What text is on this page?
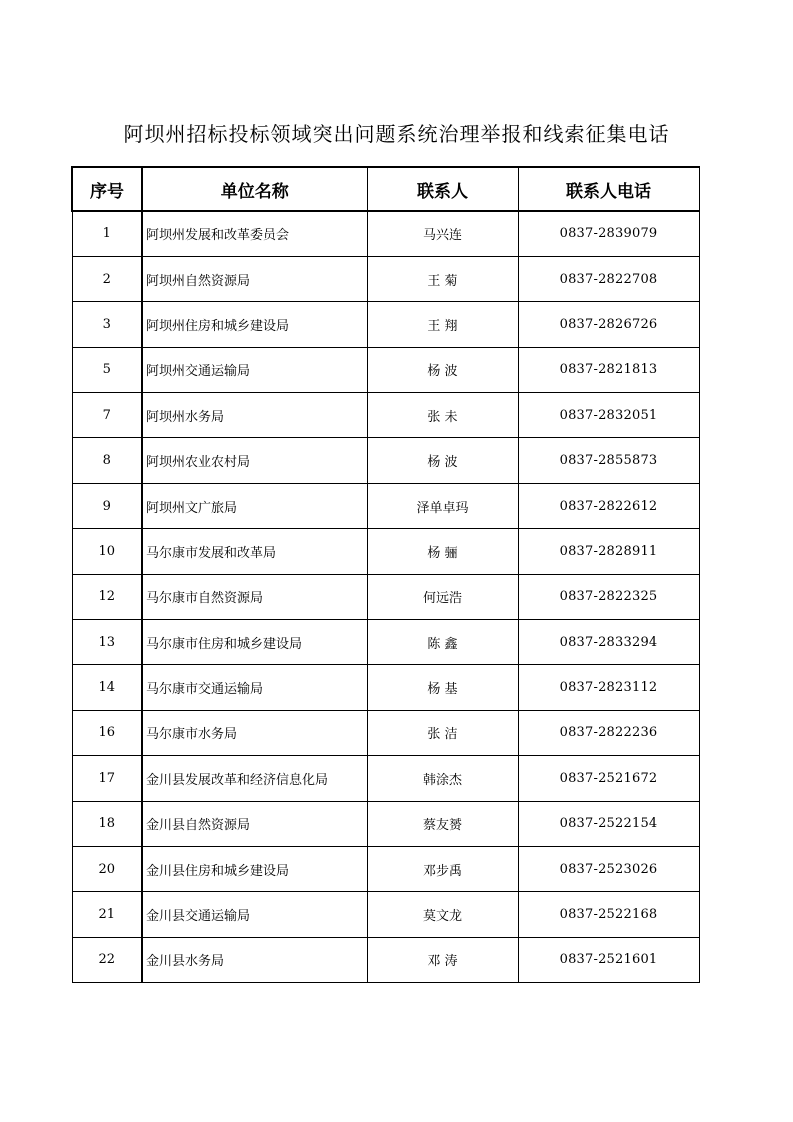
阿坝州招标投标领域突出问题系统治理举报和线索征集电话
序号	单位名称	联系人	联系人电话
1	阿坝州发展和改革委员会	马兴连	0837-2839079
2	阿坝州自然资源局	王 菊	0837-2822708
3	阿坝州住房和城乡建设局	王 翔	0837-2826726
5	阿坝州交通运输局	杨 波	0837-2821813
7	阿坝州水务局	张 未	0837-2832051
8	阿坝州农业农村局	杨 波	0837-2855873
9	阿坝州文广旅局	泽单卓玛	0837-2822612
10	马尔康市发展和改革局	杨 骊	0837-2828911
12	马尔康市自然资源局	何远浩	0837-2822325
13	马尔康市住房和城乡建设局	陈 鑫	0837-2833294
14	马尔康市交通运输局	杨 基	0837-2823112
16	马尔康市水务局	张 洁	0837-2822236
17	金川县发展改革和经济信息化局	韩涂杰	0837-2521672
18	金川县自然资源局	蔡友赟	0837-2522154
20	金川县住房和城乡建设局	邓步禹	0837-2523026
21	金川县交通运输局	莫文龙	0837-2522168
22	金川县水务局	邓 涛	0837-2521601
